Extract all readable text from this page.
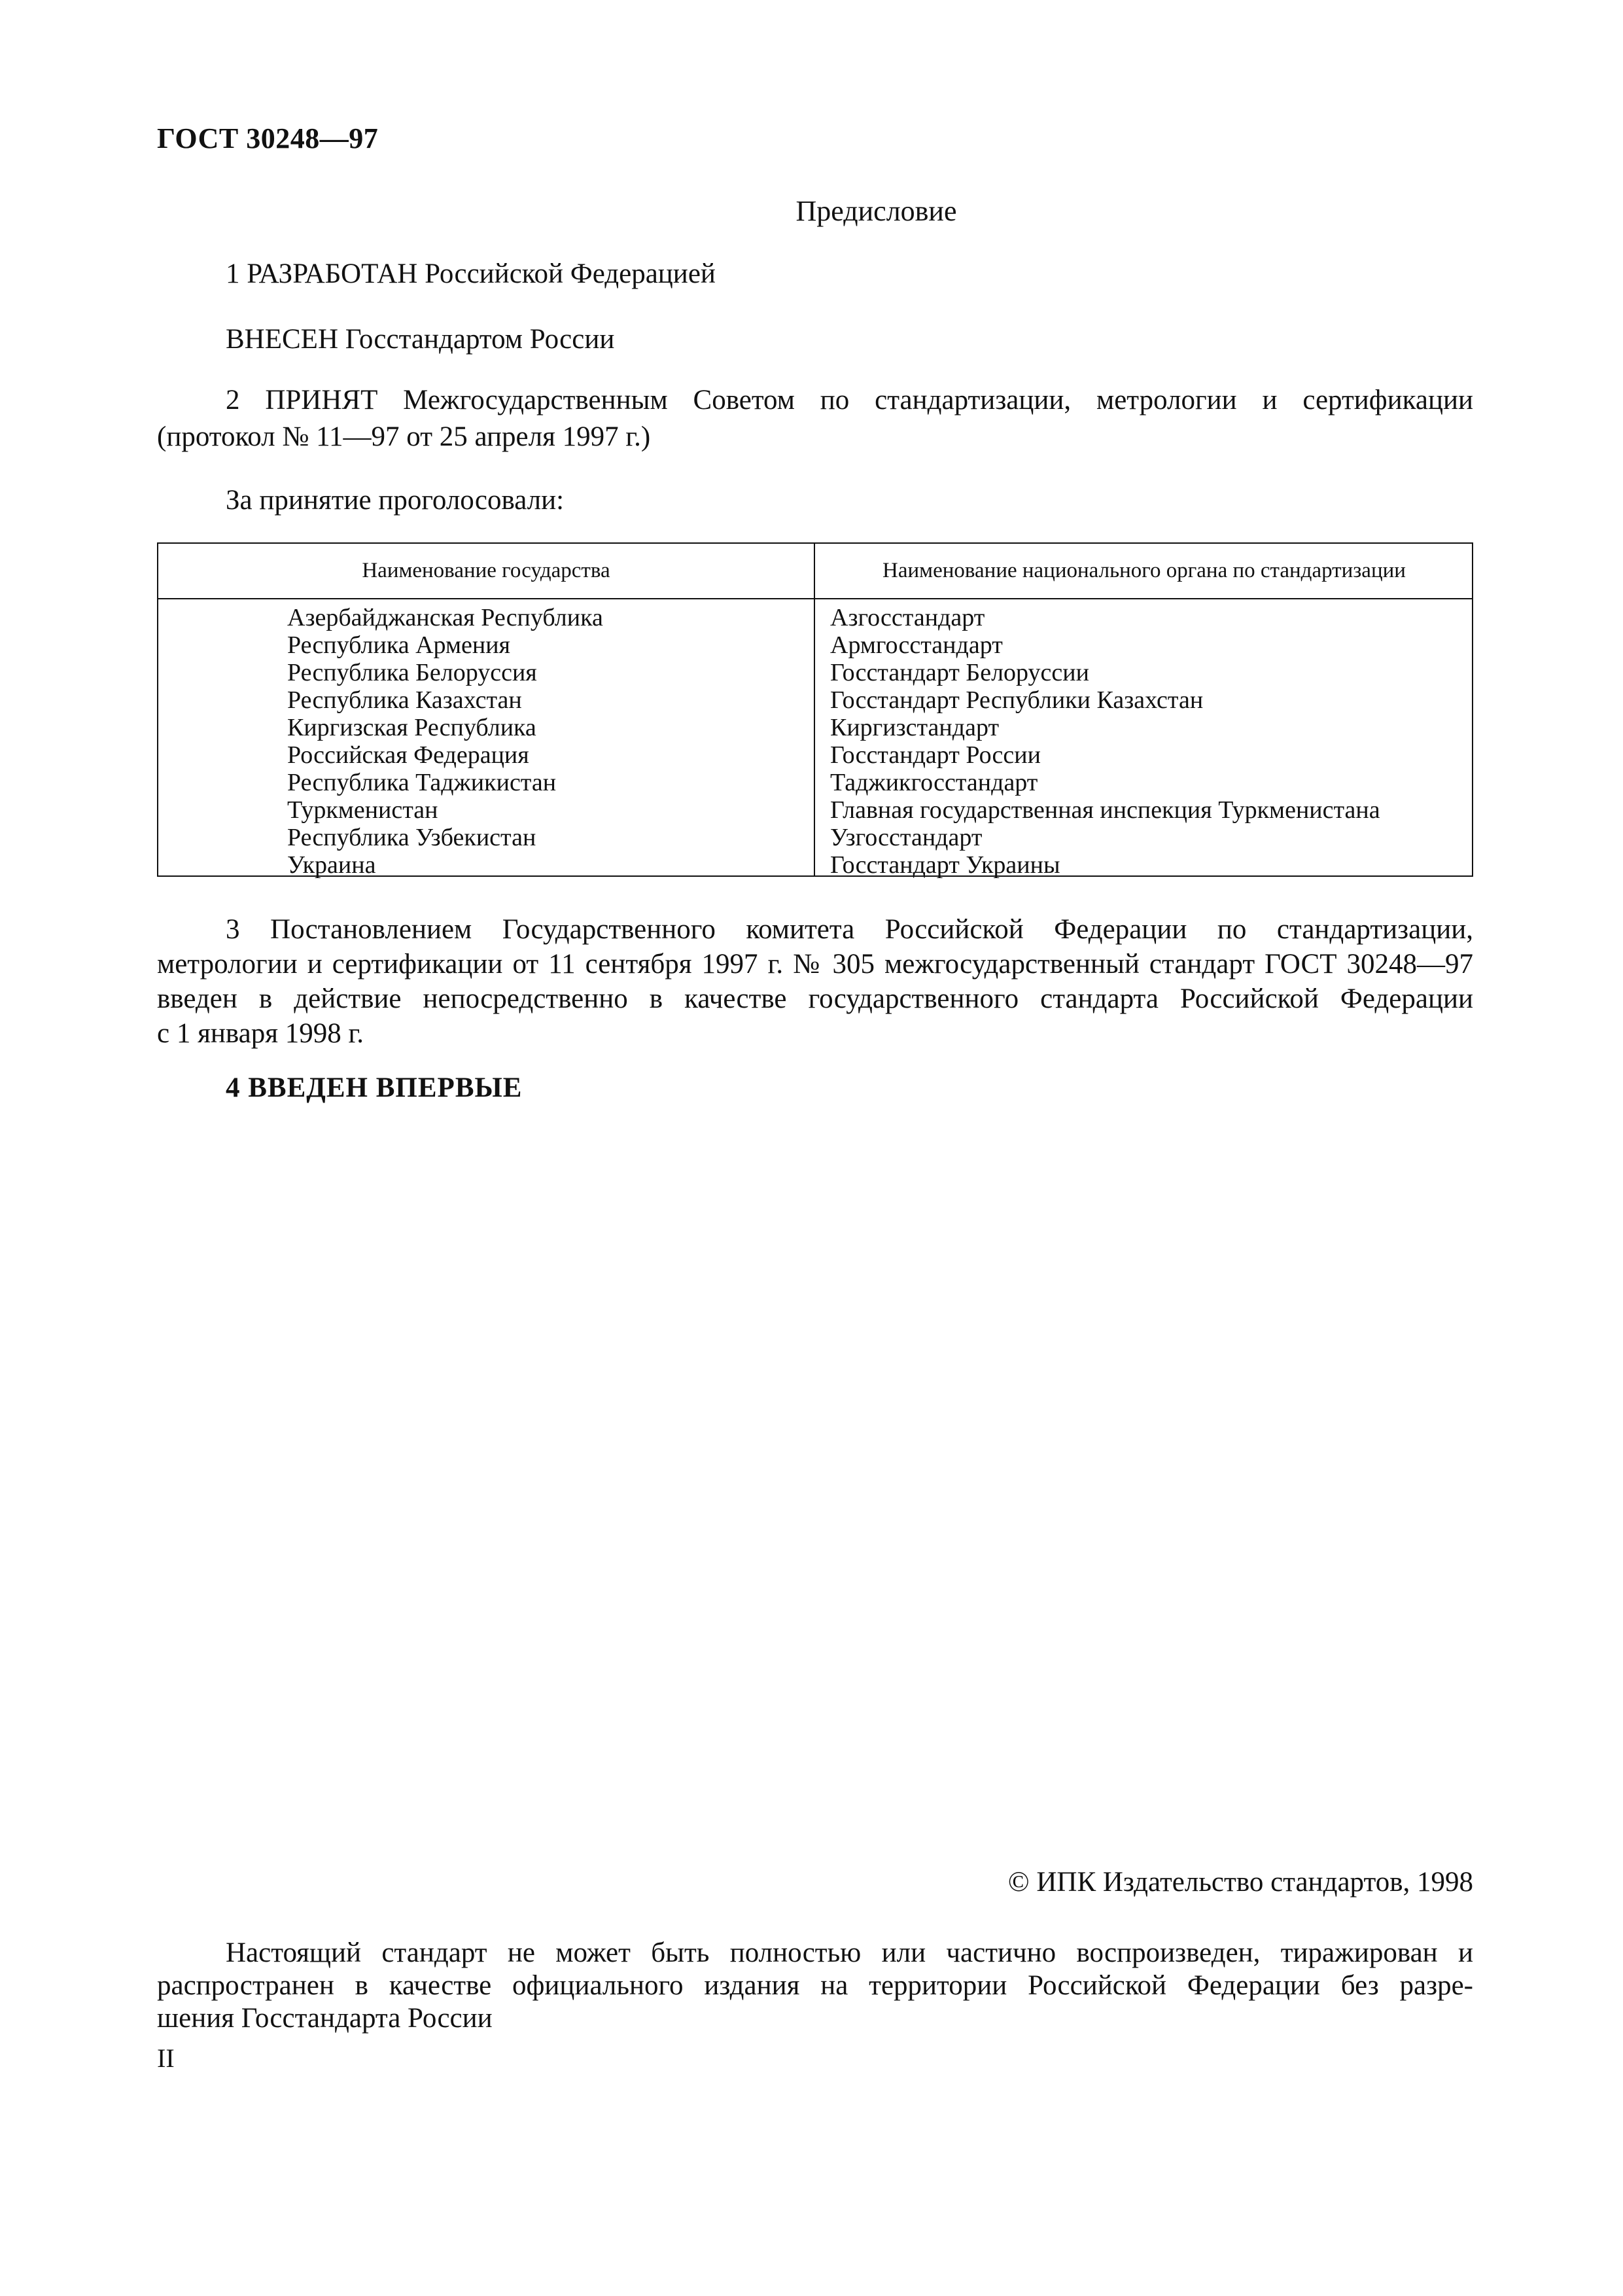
ГОСТ 30248—97
Предисловие
1 РАЗРАБОТАН Российской Федерацией
ВНЕСЕН Госстандартом России
2 ПРИНЯТ Межгосударственным Советом по стандартизации, метрологии и сертификации
(протокол № 11—97 от 25 апреля 1997 г.)
За принятие проголосовали:
Наименование государства	Наименование национального органа по стандартизации
Азербайджанская Республика
Республика Армения
Республика Белоруссия
Республика Казахстан
Киргизская Республика
Российская Федерация
Республика Таджикистан
Туркменистан
Республика Узбекистан
Украина
Азгосстандарт
Армгосстандарт
Госстандарт Белоруссии
Госстандарт Республики Казахстан
Киргизстандарт
Госстандарт России
Таджикгосстандарт
Главная государственная инспекция Туркменистана
Узгосстандарт
Госстандарт Украины
3 Постановлением Государственного комитета Российской Федерации по стандартизации,
метрологии и сертификации от 11 сентября 1997 г. № 305 межгосударственный стандарт ГОСТ 30248—97
введен в действие непосредственно в качестве государственного стандарта Российской Федерации
с 1 января 1998 г.
4 ВВЕДЕН ВПЕРВЫЕ
© ИПК Издательство стандартов, 1998
Настоящий стандарт не может быть полностью или частично воспроизведен, тиражирован и
распространен в качестве официального издания на территории Российской Федерации без разре-
шения Госстандарта России
II
